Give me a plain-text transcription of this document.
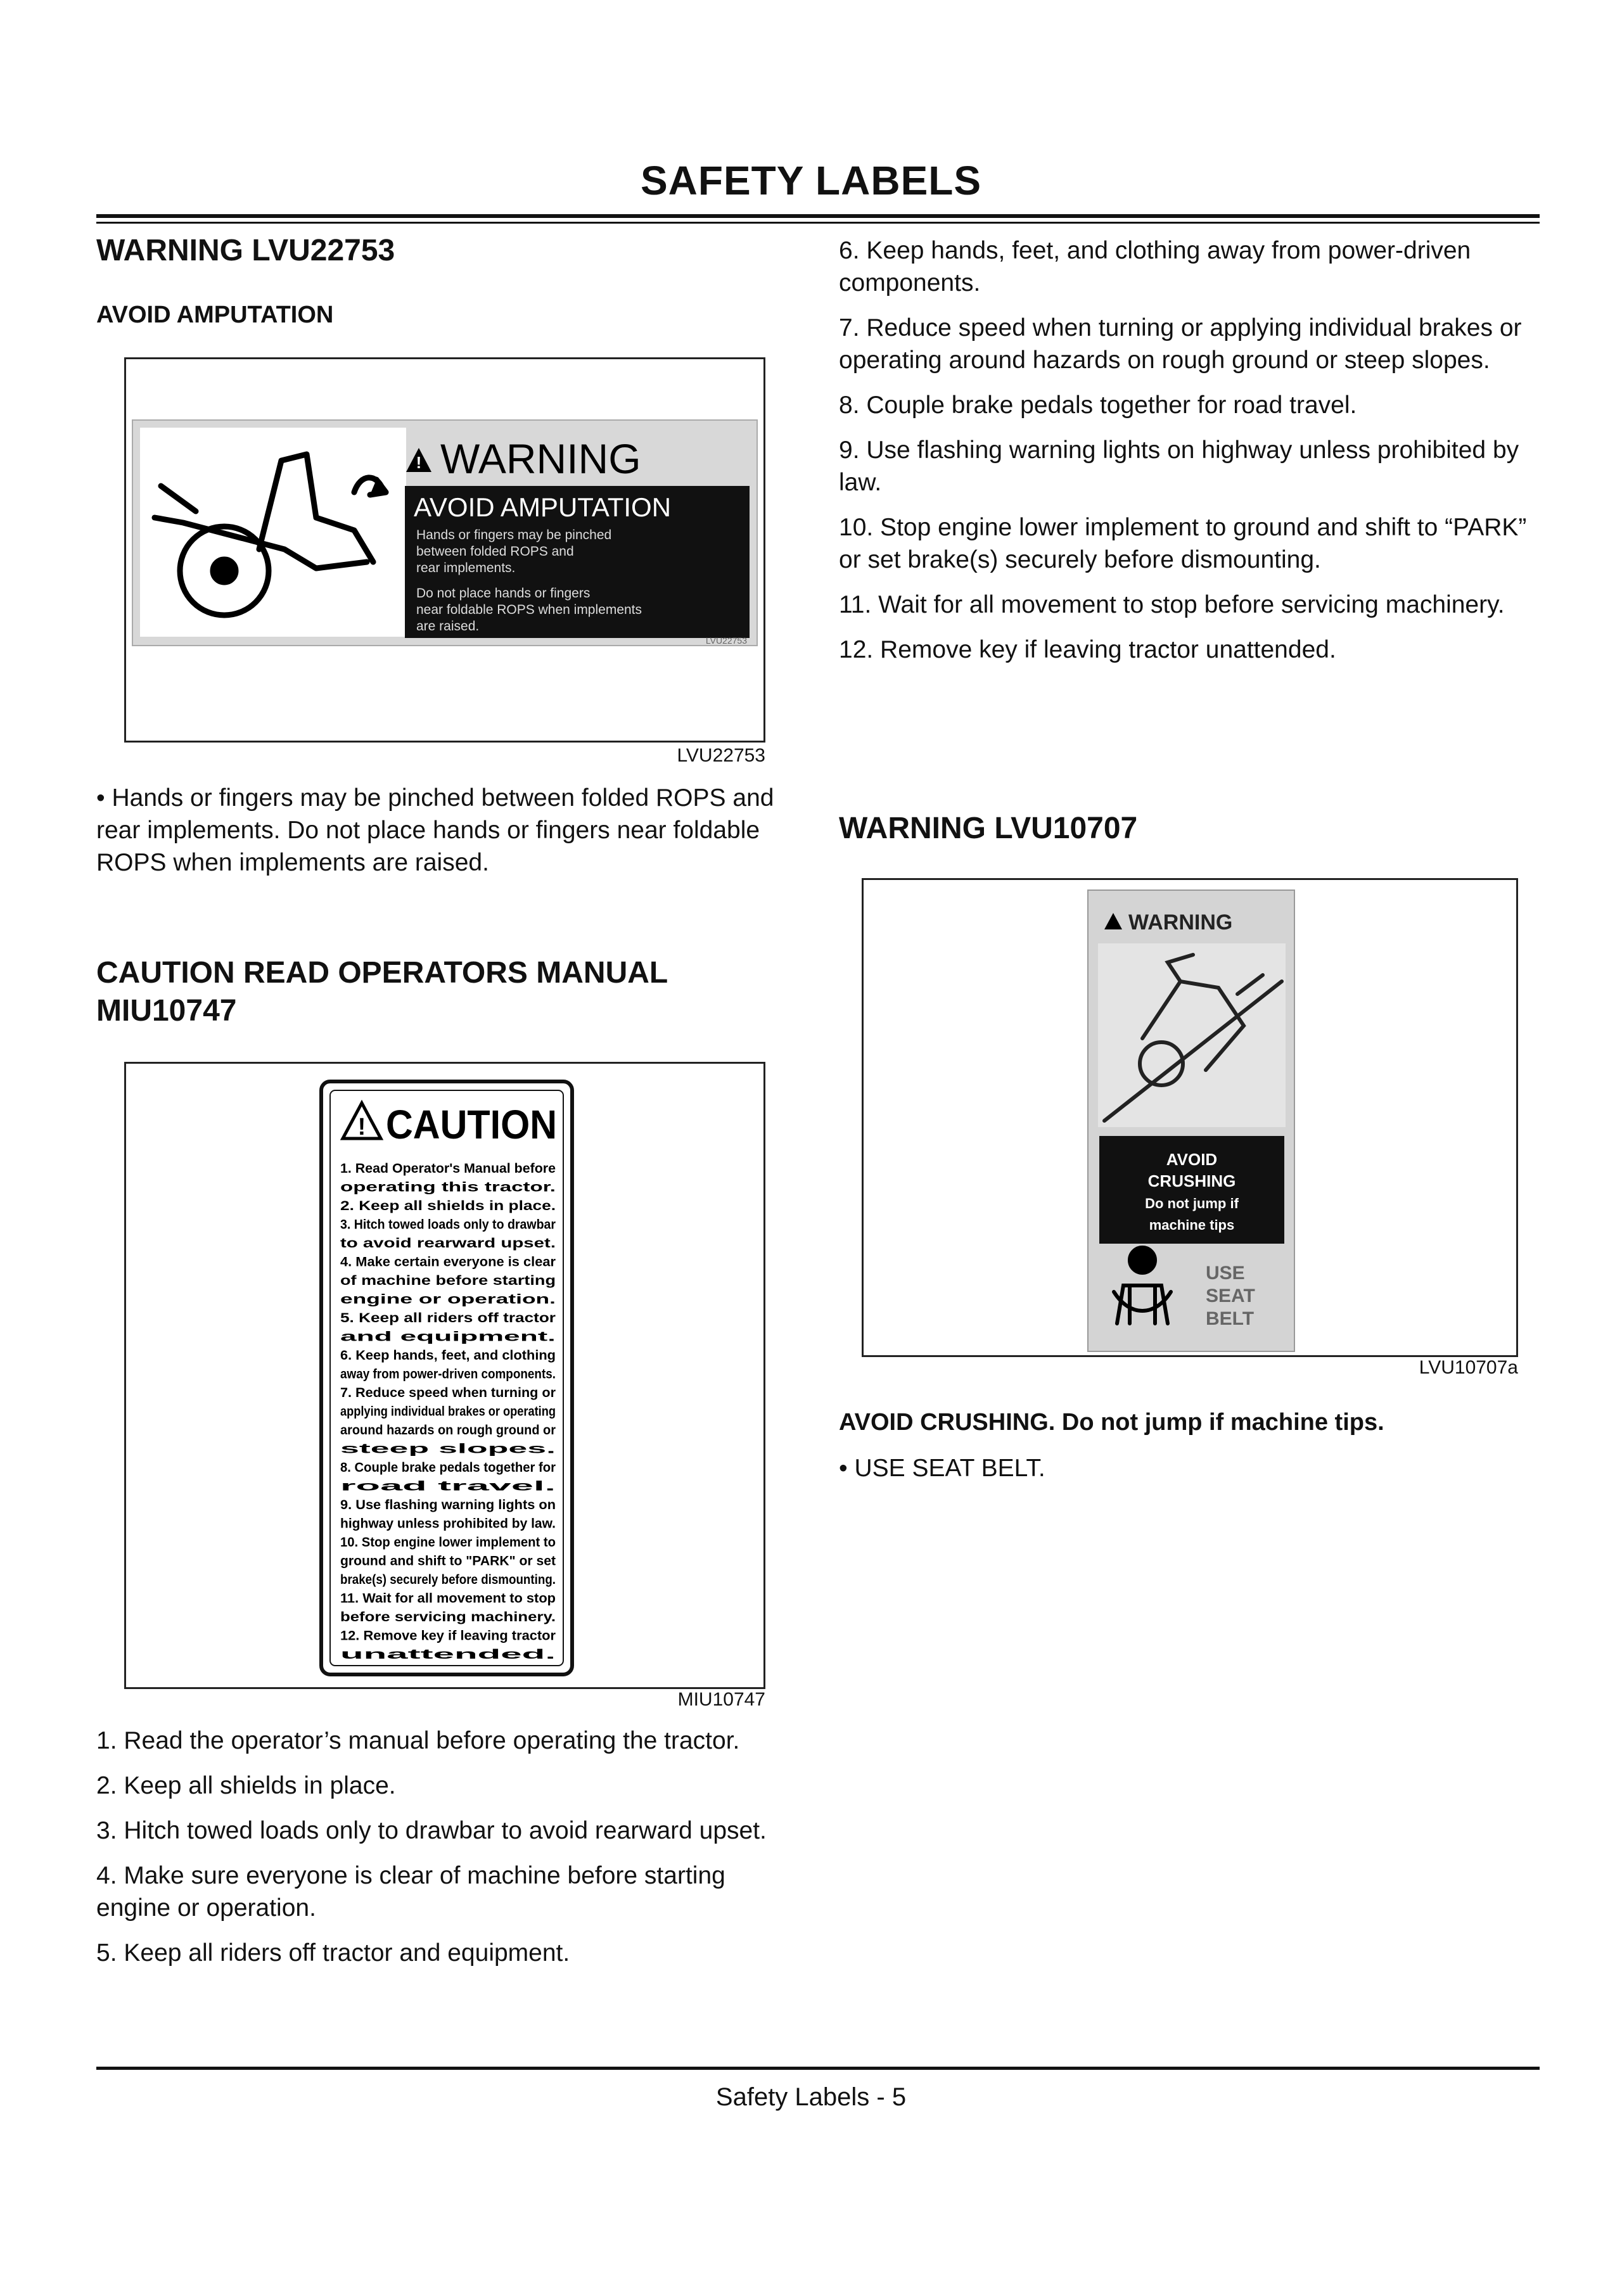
SAFETY LABELS
WARNING LVU22753
AVOID AMPUTATION
! WARNING
AVOID AMPUTATION
Hands or fingers may be pinched
between folded ROPS and
rear implements.
Do not place hands or fingers
near foldable ROPS when implements
are raised.
LVU22753
LVU22753
• Hands or fingers may be pinched between folded ROPS and rear implements. Do not place hands or fingers near foldable ROPS when implements are raised.
CAUTION READ OPERATORS MANUAL
MIU10747
! CAUTION
1. Read Operator's Manual before
operating this tractor.
2. Keep all shields in place.
3. Hitch towed loads only to drawbar
to avoid rearward upset.
4. Make certain everyone is clear
of machine before starting
engine or operation.
5. Keep all riders off tractor
and equipment.
6. Keep hands, feet, and clothing
away from power-driven components.
7. Reduce speed when turning or
applying individual brakes or operating
around hazards on rough ground or
steep slopes.
8. Couple brake pedals together for
road travel.
9. Use flashing warning lights on
highway unless prohibited by law.
10. Stop engine lower implement to
ground and shift to "PARK" or set
brake(s) securely before dismounting.
11. Wait for all movement to stop
before servicing machinery.
12. Remove key if leaving tractor
unattended.
MIU10747

1. Read the operator’s manual before operating the tractor.

2. Keep all shields in place.

3. Hitch towed loads only to drawbar to avoid rearward upset.

4. Make sure everyone is clear of machine before starting engine or operation.

5. Keep all riders off tractor and equipment.

6. Keep hands, feet, and clothing away from power-driven components.

7. Reduce speed when turning or applying individual brakes or operating around hazards on rough ground or steep slopes.

8. Couple brake pedals together for road travel.

9. Use flashing warning lights on highway unless prohibited by law.

10. Stop engine lower implement to ground and shift to “PARK” or set brake(s) securely before dismounting.

11. Wait for all movement to stop before servicing machinery.

12. Remove key if leaving tractor unattended.

WARNING LVU10707
WARNING
AVOID
CRUSHING
Do not jump if
machine tips
USE
SEAT
BELT
LVU10707a
AVOID CRUSHING. Do not jump if machine tips.
• USE SEAT BELT.
Safety Labels - 5
